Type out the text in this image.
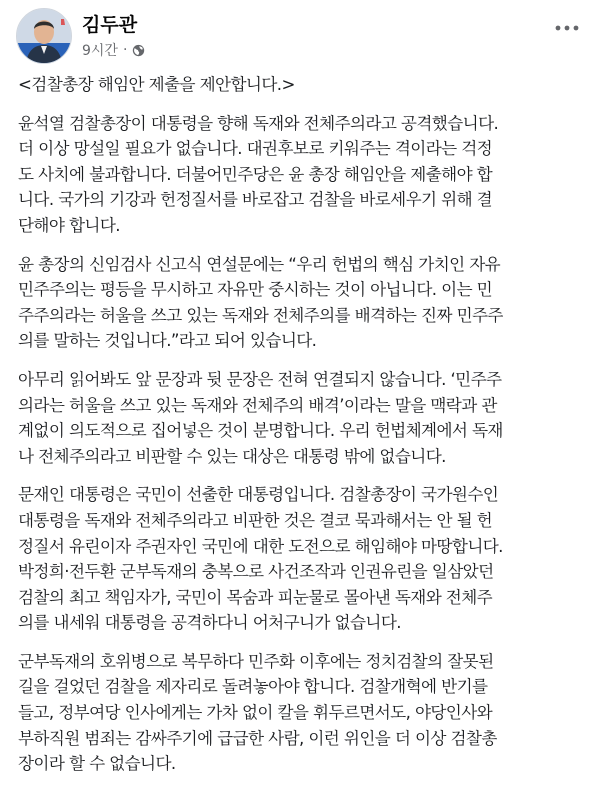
김두관
9시간 ·

<검찰총장 해임안 제출을 제안합니다.>

윤석열 검찰총장이 대통령을 향해 독재와 전체주의라고 공격했습니다.
더 이상 망설일 필요가 없습니다. 대권후보로 키워주는 격이라는 걱정
도 사치에 불과합니다. 더불어민주당은 윤 총장 해임안을 제출해야 합
니다. 국가의 기강과 헌정질서를 바로잡고 검찰을 바로세우기 위해 결
단해야 합니다.

윤 총장의 신임검사 신고식 연설문에는 “우리 헌법의 핵심 가치인 자유
민주주의는 평등을 무시하고 자유만 중시하는 것이 아닙니다. 이는 민
주주의라는 허울을 쓰고 있는 독재와 전체주의를 배격하는 진짜 민주주
의를 말하는 것입니다.”라고 되어 있습니다.

아무리 읽어봐도 앞 문장과 뒷 문장은 전혀 연결되지 않습니다. ‘민주주
의라는 허울을 쓰고 있는 독재와 전체주의 배격’이라는 말을 맥락과 관
계없이 의도적으로 집어넣은 것이 분명합니다. 우리 헌법체계에서 독재
나 전체주의라고 비판할 수 있는 대상은 대통령 밖에 없습니다.

문재인 대통령은 국민이 선출한 대통령입니다. 검찰총장이 국가원수인
대통령을 독재와 전체주의라고 비판한 것은 결코 묵과해서는 안 될 헌
정질서 유린이자 주권자인 국민에 대한 도전으로 해임해야 마땅합니다.
박정희·전두환 군부독재의 충복으로 사건조작과 인권유린을 일삼았던
검찰의 최고 책임자가, 국민이 목숨과 피눈물로 몰아낸 독재와 전체주
의를 내세워 대통령을 공격하다니 어처구니가 없습니다.

군부독재의 호위병으로 복무하다 민주화 이후에는 정치검찰의 잘못된
길을 걸었던 검찰을 제자리로 돌려놓아야 합니다. 검찰개혁에 반기를
들고, 정부여당 인사에게는 가차 없이 칼을 휘두르면서도, 야당인사와
부하직원 범죄는 감싸주기에 급급한 사람, 이런 위인을 더 이상 검찰총
장이라 할 수 없습니다.
